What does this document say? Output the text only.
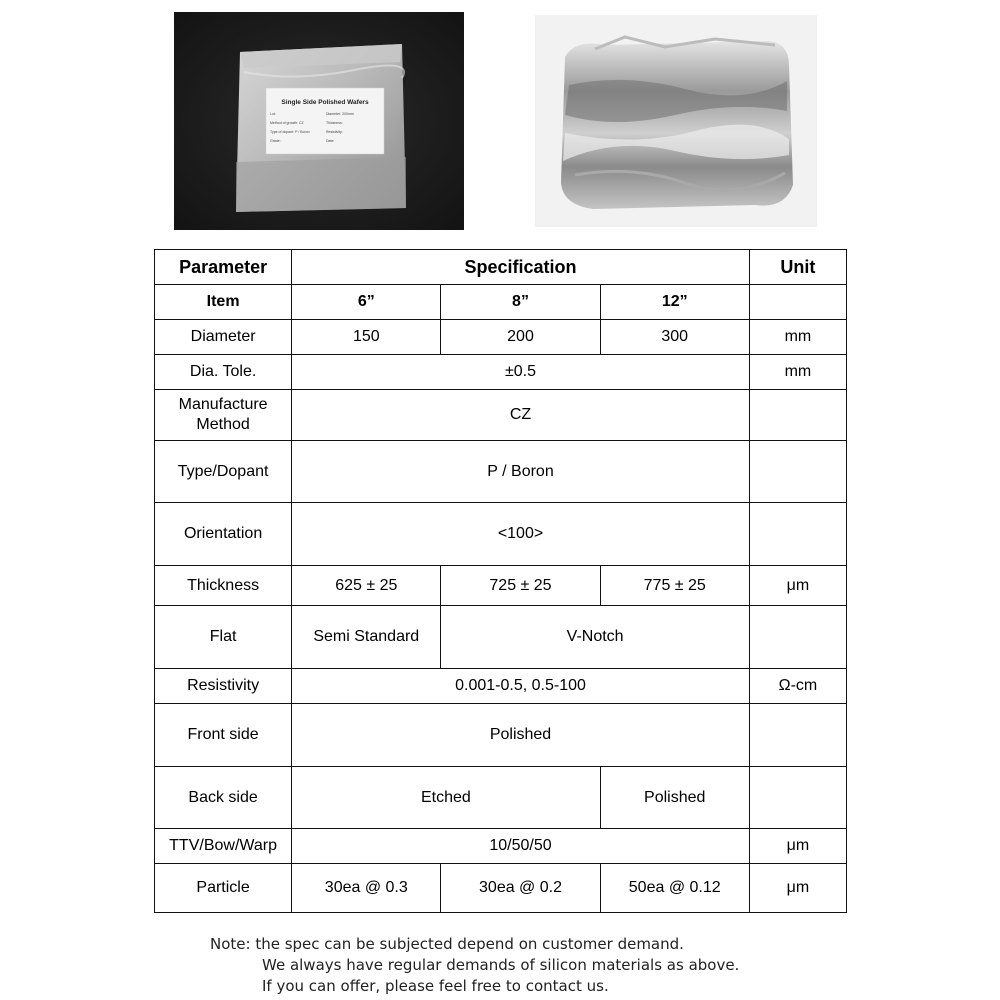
Single Side Polished Wafers
Lot:
Method of growth: CZ
Type of dopant: P / Boron
Grade:
Diameter: 200mm
Thickness:
Resistivity:
Date:
Parameter	Specification			Unit
Item	6”	8”	12”	
Diameter	150	200	300	mm
Dia. Tole.	±0.5			mm
Manufacture
Method	CZ			
Type/Dopant	P / Boron			
Orientation	<100>			
Thickness	625 ± 25	725 ± 25	775 ± 25	μm
Flat	Semi Standard	V-Notch		
Resistivity	0.001-0.5, 0.5-100			Ω-cm
Front side	Polished			
Back side	Etched		Polished	
TTV/Bow/Warp	10/50/50			μm
Particle	30ea @ 0.3	30ea @ 0.2	50ea @ 0.12	μm
Note: the spec can be subjected depend on customer demand.
We always have regular demands of silicon materials as above.
If you can offer, please feel free to contact us.
